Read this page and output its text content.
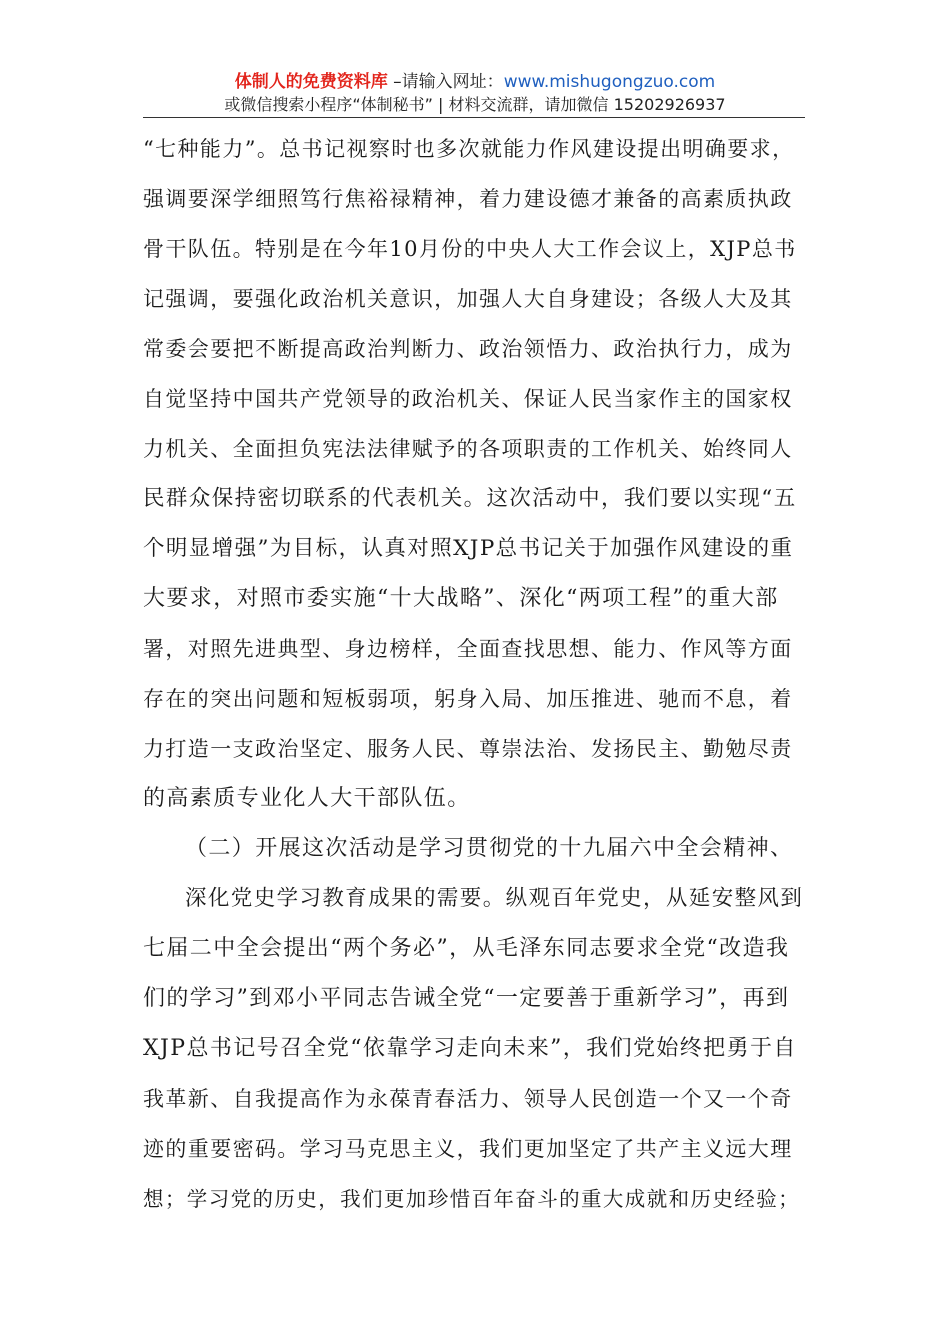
体制人的免费资料库 –请输入网址：www.mishugongzuo.com
或微信搜索小程序“体制秘书” | 材料交流群，请加微信 15202926937
“七种能力”。总书记视察时也多次就能力作风建设提出明确要求，
强调要深学细照笃行焦裕禄精神，着力建设德才兼备的高素质执政
骨干队伍。特别是在今年10月份的中央人大工作会议上，XJP总书
记强调，要强化政治机关意识，加强人大自身建设；各级人大及其
常委会要把不断提高政治判断力、政治领悟力、政治执行力，成为
自觉坚持中国共产党领导的政治机关、保证人民当家作主的国家权
力机关、全面担负宪法法律赋予的各项职责的工作机关、始终同人
民群众保持密切联系的代表机关。这次活动中，我们要以实现“五
个明显增强”为目标，认真对照XJP总书记关于加强作风建设的重
大要求，对照市委实施“十大战略”、深化“两项工程”的重大部
署，对照先进典型、身边榜样，全面查找思想、能力、作风等方面
存在的突出问题和短板弱项，躬身入局、加压推进、驰而不息，着
力打造一支政治坚定、服务人民、尊崇法治、发扬民主、勤勉尽责
的高素质专业化人大干部队伍。
（二）开展这次活动是学习贯彻党的十九届六中全会精神、
深化党史学习教育成果的需要。纵观百年党史，从延安整风到
七届二中全会提出“两个务必”，从毛泽东同志要求全党“改造我
们的学习”到邓小平同志告诫全党“一定要善于重新学习”，再到
XJP总书记号召全党“依靠学习走向未来”，我们党始终把勇于自
我革新、自我提高作为永葆青春活力、领导人民创造一个又一个奇
迹的重要密码。学习马克思主义，我们更加坚定了共产主义远大理
想；学习党的历史，我们更加珍惜百年奋斗的重大成就和历史经验；
